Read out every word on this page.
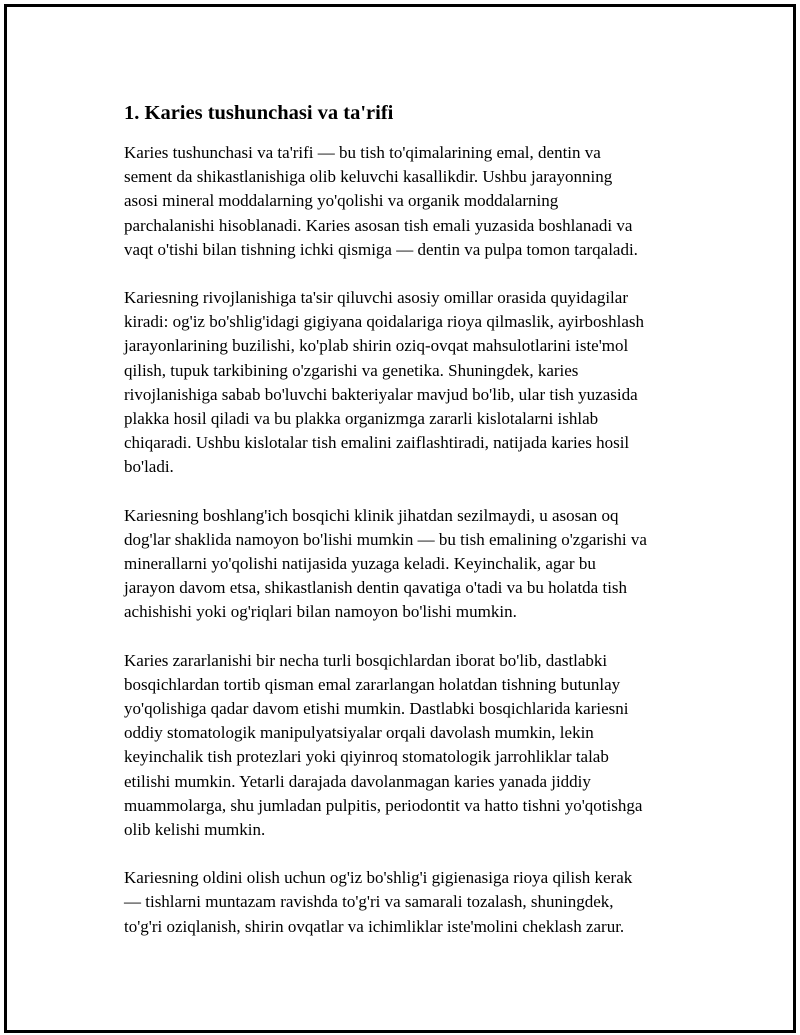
1. Karies tushunchasi va ta'rifi

Karies tushunchasi va ta'rifi — bu tish to'qimalarining emal, dentin va
sement da shikastlanishiga olib keluvchi kasallikdir. Ushbu jarayonning
asosi mineral moddalarning yo'qolishi va organik moddalarning
parchalanishi hisoblanadi. Karies asosan tish emali yuzasida boshlanadi va
vaqt o'tishi bilan tishning ichki qismiga — dentin va pulpa tomon tarqaladi.

Kariesning rivojlanishiga ta'sir qiluvchi asosiy omillar orasida quyidagilar
kiradi: og'iz bo'shlig'idagi gigiyana qoidalariga rioya qilmaslik, ayirboshlash
jarayonlarining buzilishi, ko'plab shirin oziq-ovqat mahsulotlarini iste'mol
qilish, tupuk tarkibining o'zgarishi va genetika. Shuningdek, karies
rivojlanishiga sabab bo'luvchi bakteriyalar mavjud bo'lib, ular tish yuzasida
plakka hosil qiladi va bu plakka organizmga zararli kislotalarni ishlab
chiqaradi. Ushbu kislotalar tish emalini zaiflashtiradi, natijada karies hosil
bo'ladi.

Kariesning boshlang'ich bosqichi klinik jihatdan sezilmaydi, u asosan oq
dog'lar shaklida namoyon bo'lishi mumkin — bu tish emalining o'zgarishi va
minerallarni yo'qolishi natijasida yuzaga keladi. Keyinchalik, agar bu
jarayon davom etsa, shikastlanish dentin qavatiga o'tadi va bu holatda tish
achishishi yoki og'riqlari bilan namoyon bo'lishi mumkin.

Karies zararlanishi bir necha turli bosqichlardan iborat bo'lib, dastlabki
bosqichlardan tortib qisman emal zararlangan holatdan tishning butunlay
yo'qolishiga qadar davom etishi mumkin. Dastlabki bosqichlarida kariesni
oddiy stomatologik manipulyatsiyalar orqali davolash mumkin, lekin
keyinchalik tish protezlari yoki qiyinroq stomatologik jarrohliklar talab
etilishi mumkin. Yetarli darajada davolanmagan karies yanada jiddiy
muammolarga, shu jumladan pulpitis, periodontit va hatto tishni yo'qotishga
olib kelishi mumkin.

Kariesning oldini olish uchun og'iz bo'shlig'i gigienasiga rioya qilish kerak
— tishlarni muntazam ravishda to'g'ri va samarali tozalash, shuningdek,
to'g'ri oziqlanish, shirin ovqatlar va ichimliklar iste'molini cheklash zarur.
